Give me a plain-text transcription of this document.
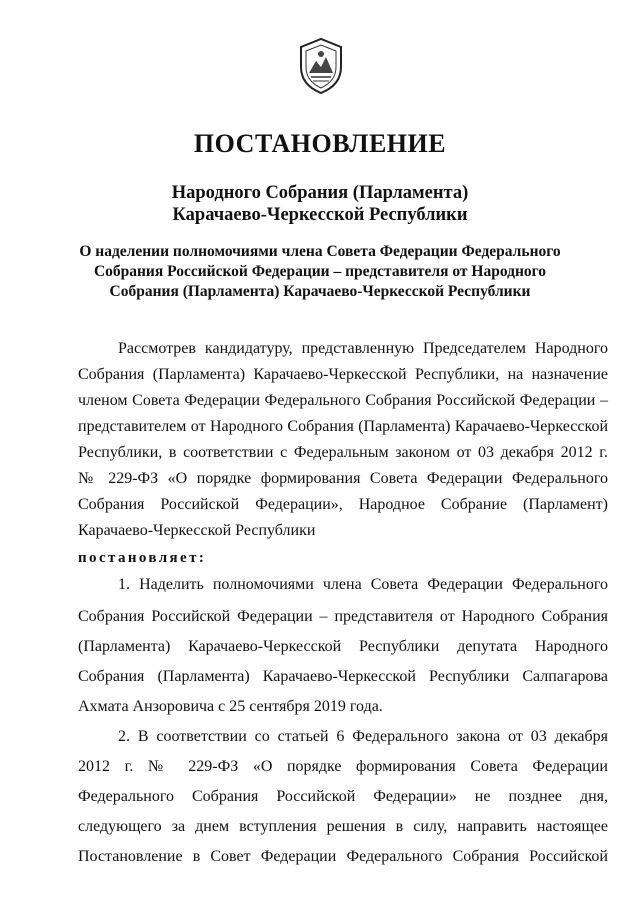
ПОСТАНОВЛЕНИЕ

Народного Собрания (Парламента)

Карачаево-Черкесской Республики

О наделении полномочиями члена Совета Федерации Федерального

Собрания Российской Федерации – представителя от Народного

Собрания (Парламента) Карачаево-Черкесской Республики

Рассмотрев кандидатуру, представленную Председателем Народного

Собрания (Парламента) Карачаево-Черкесской Республики, на назначение

членом Совета Федерации Федерального Собрания Российской Федерации –

представителем от Народного Собрания (Парламента) Карачаево-Черкесской

Республики, в соответствии с Федеральным законом от 03 декабря 2012 г.

№ 229-ФЗ «О порядке формирования Совета Федерации Федерального

Собрания Российской Федерации», Народное Собрание (Парламент)

Карачаево-Черкесской Республики

постановляет:

1. Наделить полномочиями члена Совета Федерации Федерального

Собрания Российской Федерации – представителя от Народного Собрания

(Парламента) Карачаево-Черкесской Республики депутата Народного

Собрания (Парламента) Карачаево-Черкесской Республики Салпагарова

Ахмата Анзоровича с 25 сентября 2019 года.

2. В соответствии со статьей 6 Федерального закона от 03 декабря

2012 г. № 229-ФЗ «О порядке формирования Совета Федерации

Федерального Собрания Российской Федерации» не позднее дня,

следующего за днем вступления решения в силу, направить настоящее

Постановление в Совет Федерации Федерального Собрания Российской
